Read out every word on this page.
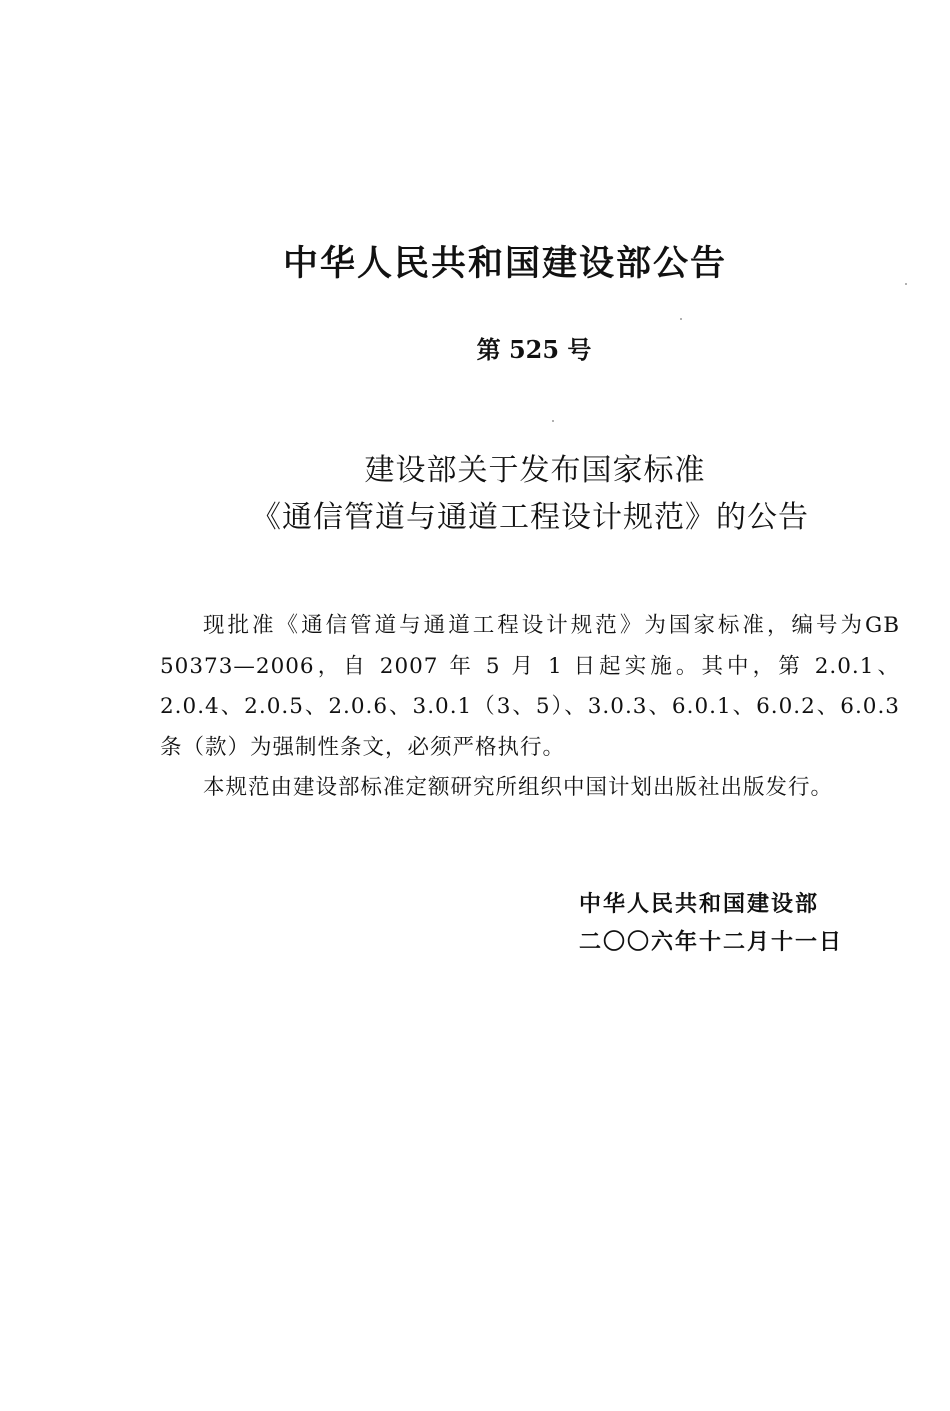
中华人民共和国建设部公告
第 525 号
建设部关于发布国家标准
《通信管道与通道工程设计规范》的公告

现批准《通信管道与通道工程设计规范》为国家标准，编号为GB 50373—2006，自 2007 年 5 月 1 日起实施。其中，第 2.0.1、2.0.4、2.0.5、2.0.6、3.0.1（3、5）、3.0.3、6.0.1、6.0.2、6.0.3 条（款）为强制性条文，必须严格执行。

本规范由建设部标准定额研究所组织中国计划出版社出版发行。

中华人民共和国建设部
二〇〇六年十二月十一日
